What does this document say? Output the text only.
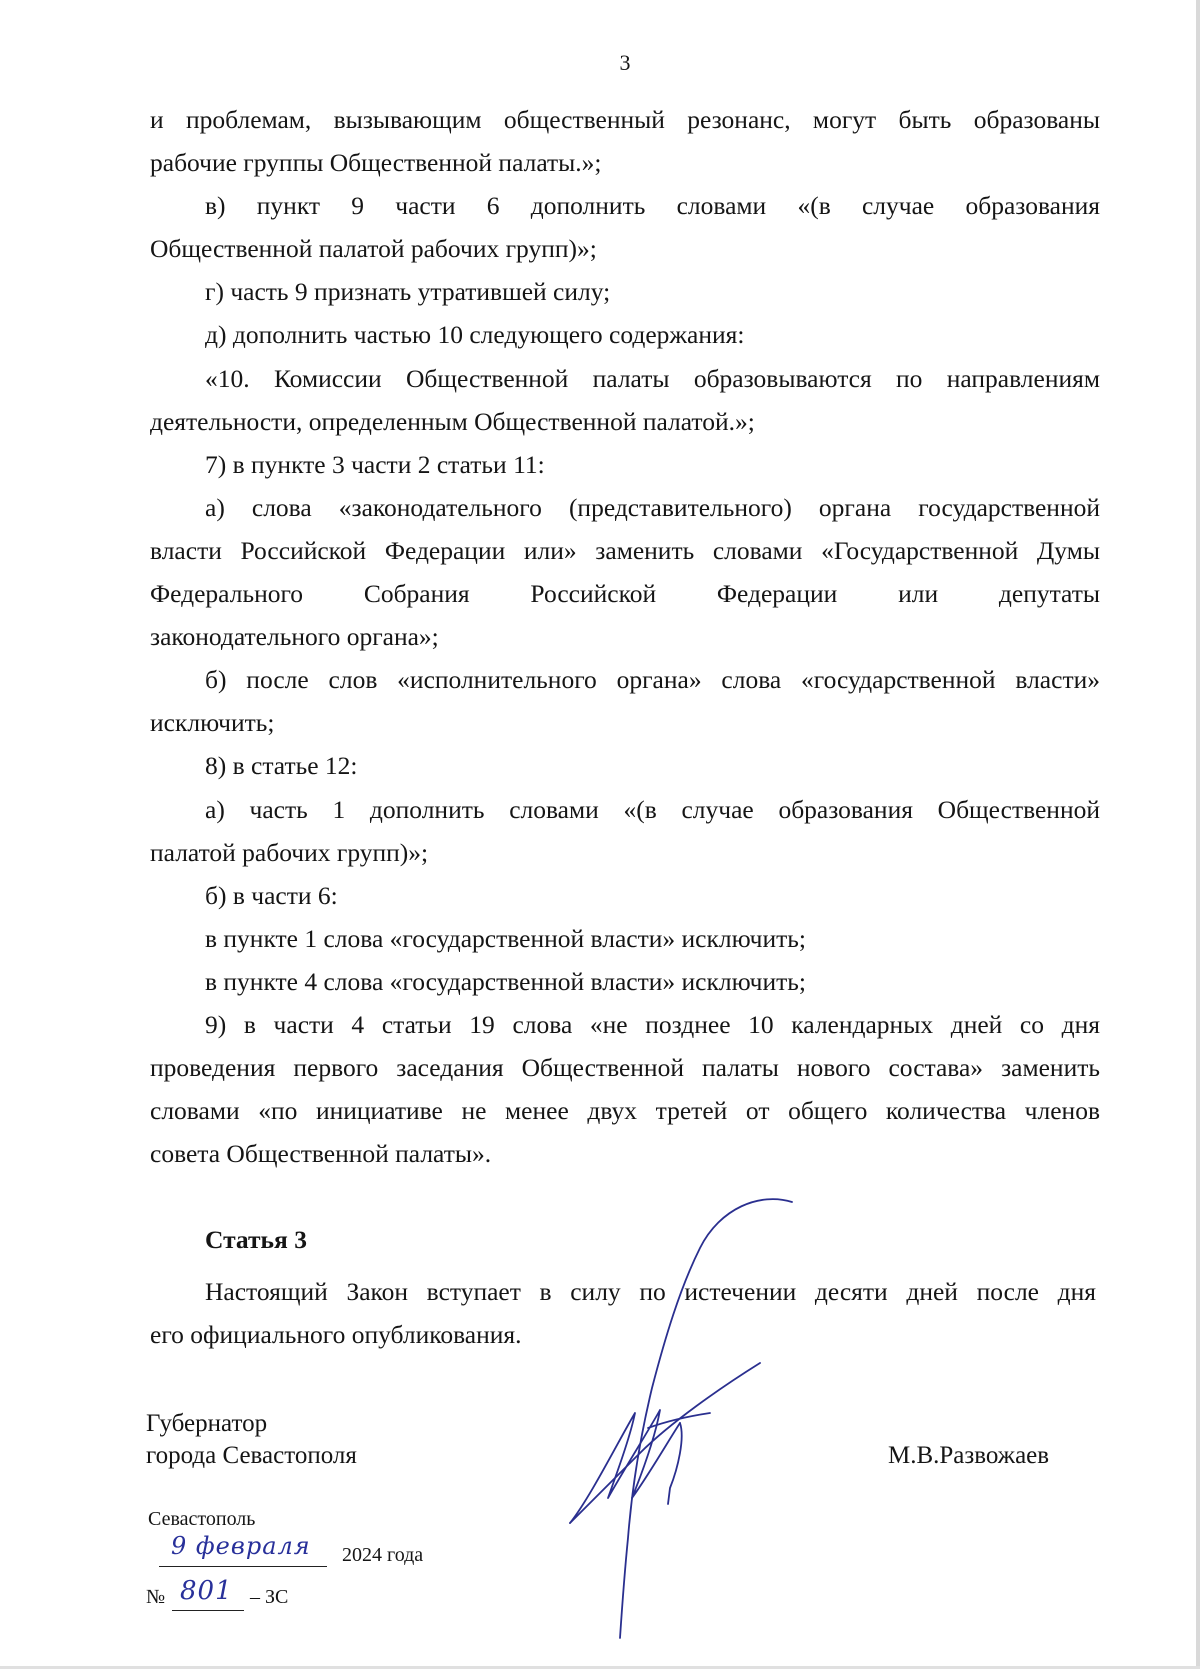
3

и проблемам, вызывающим общественный резонанс, могут быть образованы
рабочие группы Общественной палаты.»;

в) пункт 9 части 6 дополнить словами «(в случае образования
Общественной палатой рабочих групп)»;

г) часть 9 признать утратившей силу;

д) дополнить частью 10 следующего содержания:

«10. Комиссии Общественной палаты образовываются по направлениям
деятельности, определенным Общественной палатой.»;

7) в пункте 3 части 2 статьи 11:

а) слова «законодательного (представительного) органа государственной
власти Российской Федерации или» заменить словами «Государственной Думы
Федерального Собрания Российской Федерации или депутаты
законодательного органа»;

б) после слов «исполнительного органа» слова «государственной власти»
исключить;

8) в статье 12:

а) часть 1 дополнить словами «(в случае образования Общественной
палатой рабочих групп)»;

б) в части 6:

в пункте 1 слова «государственной власти» исключить;

в пункте 4 слова «государственной власти» исключить;

9) в части 4 статьи 19 слова «не позднее 10 календарных дней со дня
проведения первого заседания Общественной палаты нового состава» заменить
словами «по инициативе не менее двух третей от общего количества членов
совета Общественной палаты».

Статья 3

Настоящий Закон вступает в силу по истечении десяти дней после дня
его официального опубликования.
Губернатор
города Севастополя	М.В.Развожаев
Севастополь
9 февраля 2024 года
№ 801 – ЗС
